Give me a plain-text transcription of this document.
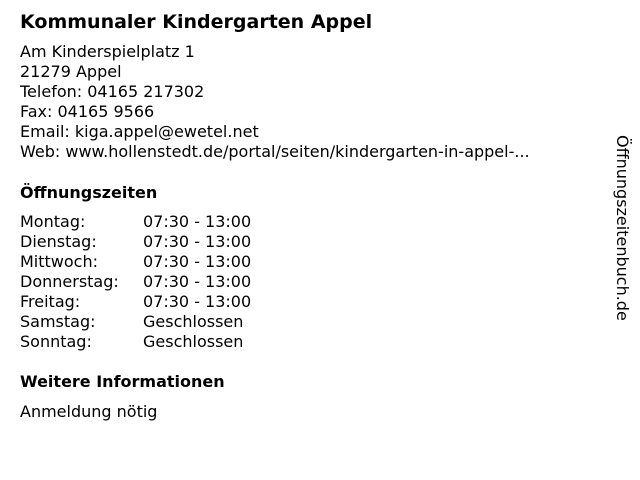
Kommunaler Kindergarten Appel
Am Kinderspielplatz 1
21279 Appel
Telefon: 04165 217302
Fax: 04165 9566
Email: kiga.appel@ewetel.net
Web: www.hollenstedt.de/portal/seiten/kindergarten-in-appel-...
Öffnungszeiten
Montag:	07:30 - 13:00
Dienstag:	07:30 - 13:00
Mittwoch:	07:30 - 13:00
Donnerstag:	07:30 - 13:00
Freitag:	07:30 - 13:00
Samstag:	Geschlossen
Sonntag:	Geschlossen
Weitere Informationen
Anmeldung nötig
Öffnungszeitenbuch.de
